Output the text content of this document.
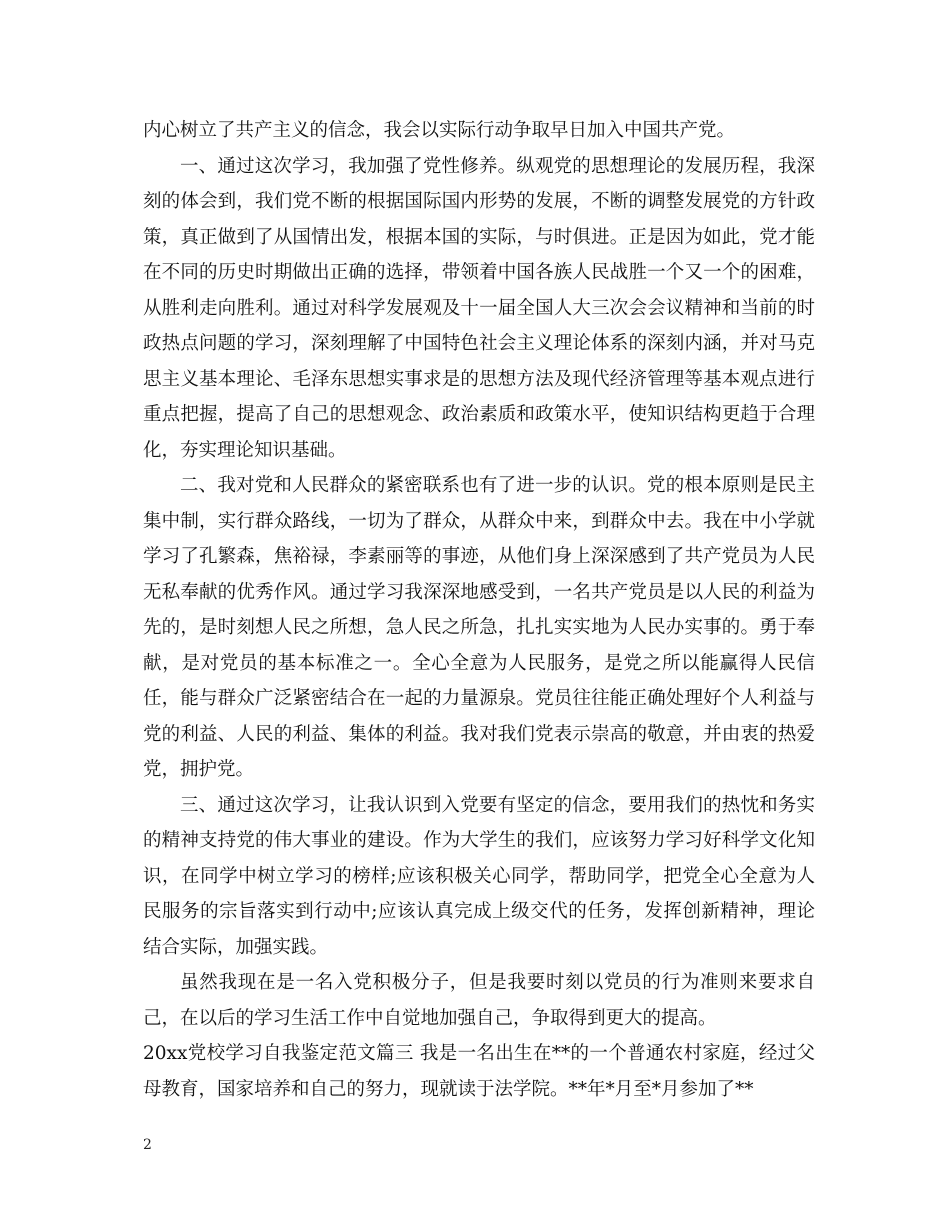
内心树立了共产主义的信念，我会以实际行动争取早日加入中国共产党。

一、通过这次学习，我加强了党性修养。纵观党的思想理论的发展历程，我深刻的体会到，我们党不断的根据国际国内形势的发展，不断的调整发展党的方针政策，真正做到了从国情出发，根据本国的实际，与时俱进。正是因为如此，党才能在不同的历史时期做出正确的选择，带领着中国各族人民战胜一个又一个的困难，从胜利走向胜利。通过对科学发展观及十一届全国人大三次会会议精神和当前的时政热点问题的学习，深刻理解了中国特色社会主义理论体系的深刻内涵，并对马克思主义基本理论、毛泽东思想实事求是的思想方法及现代经济管理等基本观点进行重点把握，提高了自己的思想观念、政治素质和政策水平，使知识结构更趋于合理化，夯实理论知识基础。

二、我对党和人民群众的紧密联系也有了进一步的认识。党的根本原则是民主集中制，实行群众路线，一切为了群众，从群众中来，到群众中去。我在中小学就学习了孔繁森，焦裕禄，李素丽等的事迹，从他们身上深深感到了共产党员为人民无私奉献的优秀作风。通过学习我深深地感受到，一名共产党员是以人民的利益为先的，是时刻想人民之所想，急人民之所急，扎扎实实地为人民办实事的。勇于奉献，是对党员的基本标准之一。全心全意为人民服务，是党之所以能赢得人民信任，能与群众广泛紧密结合在一起的力量源泉。党员往往能正确处理好个人利益与党的利益、人民的利益、集体的利益。我对我们党表示崇高的敬意，并由衷的热爱党，拥护党。

三、通过这次学习，让我认识到入党要有坚定的信念，要用我们的热忱和务实的精神支持党的伟大事业的建设。作为大学生的我们，应该努力学习好科学文化知识，在同学中树立学习的榜样;应该积极关心同学，帮助同学，把党全心全意为人民服务的宗旨落实到行动中;应该认真完成上级交代的任务，发挥创新精神，理论结合实际，加强实践。

虽然我现在是一名入党积极分子，但是我要时刻以党员的行为准则来要求自己，在以后的学习生活工作中自觉地加强自己，争取得到更大的提高。

20xx党校学习自我鉴定范文篇三 我是一名出生在**的一个普通农村家庭，经过父母教育，国家培养和自己的努力，现就读于法学院。**年*月至*月参加了**

2
